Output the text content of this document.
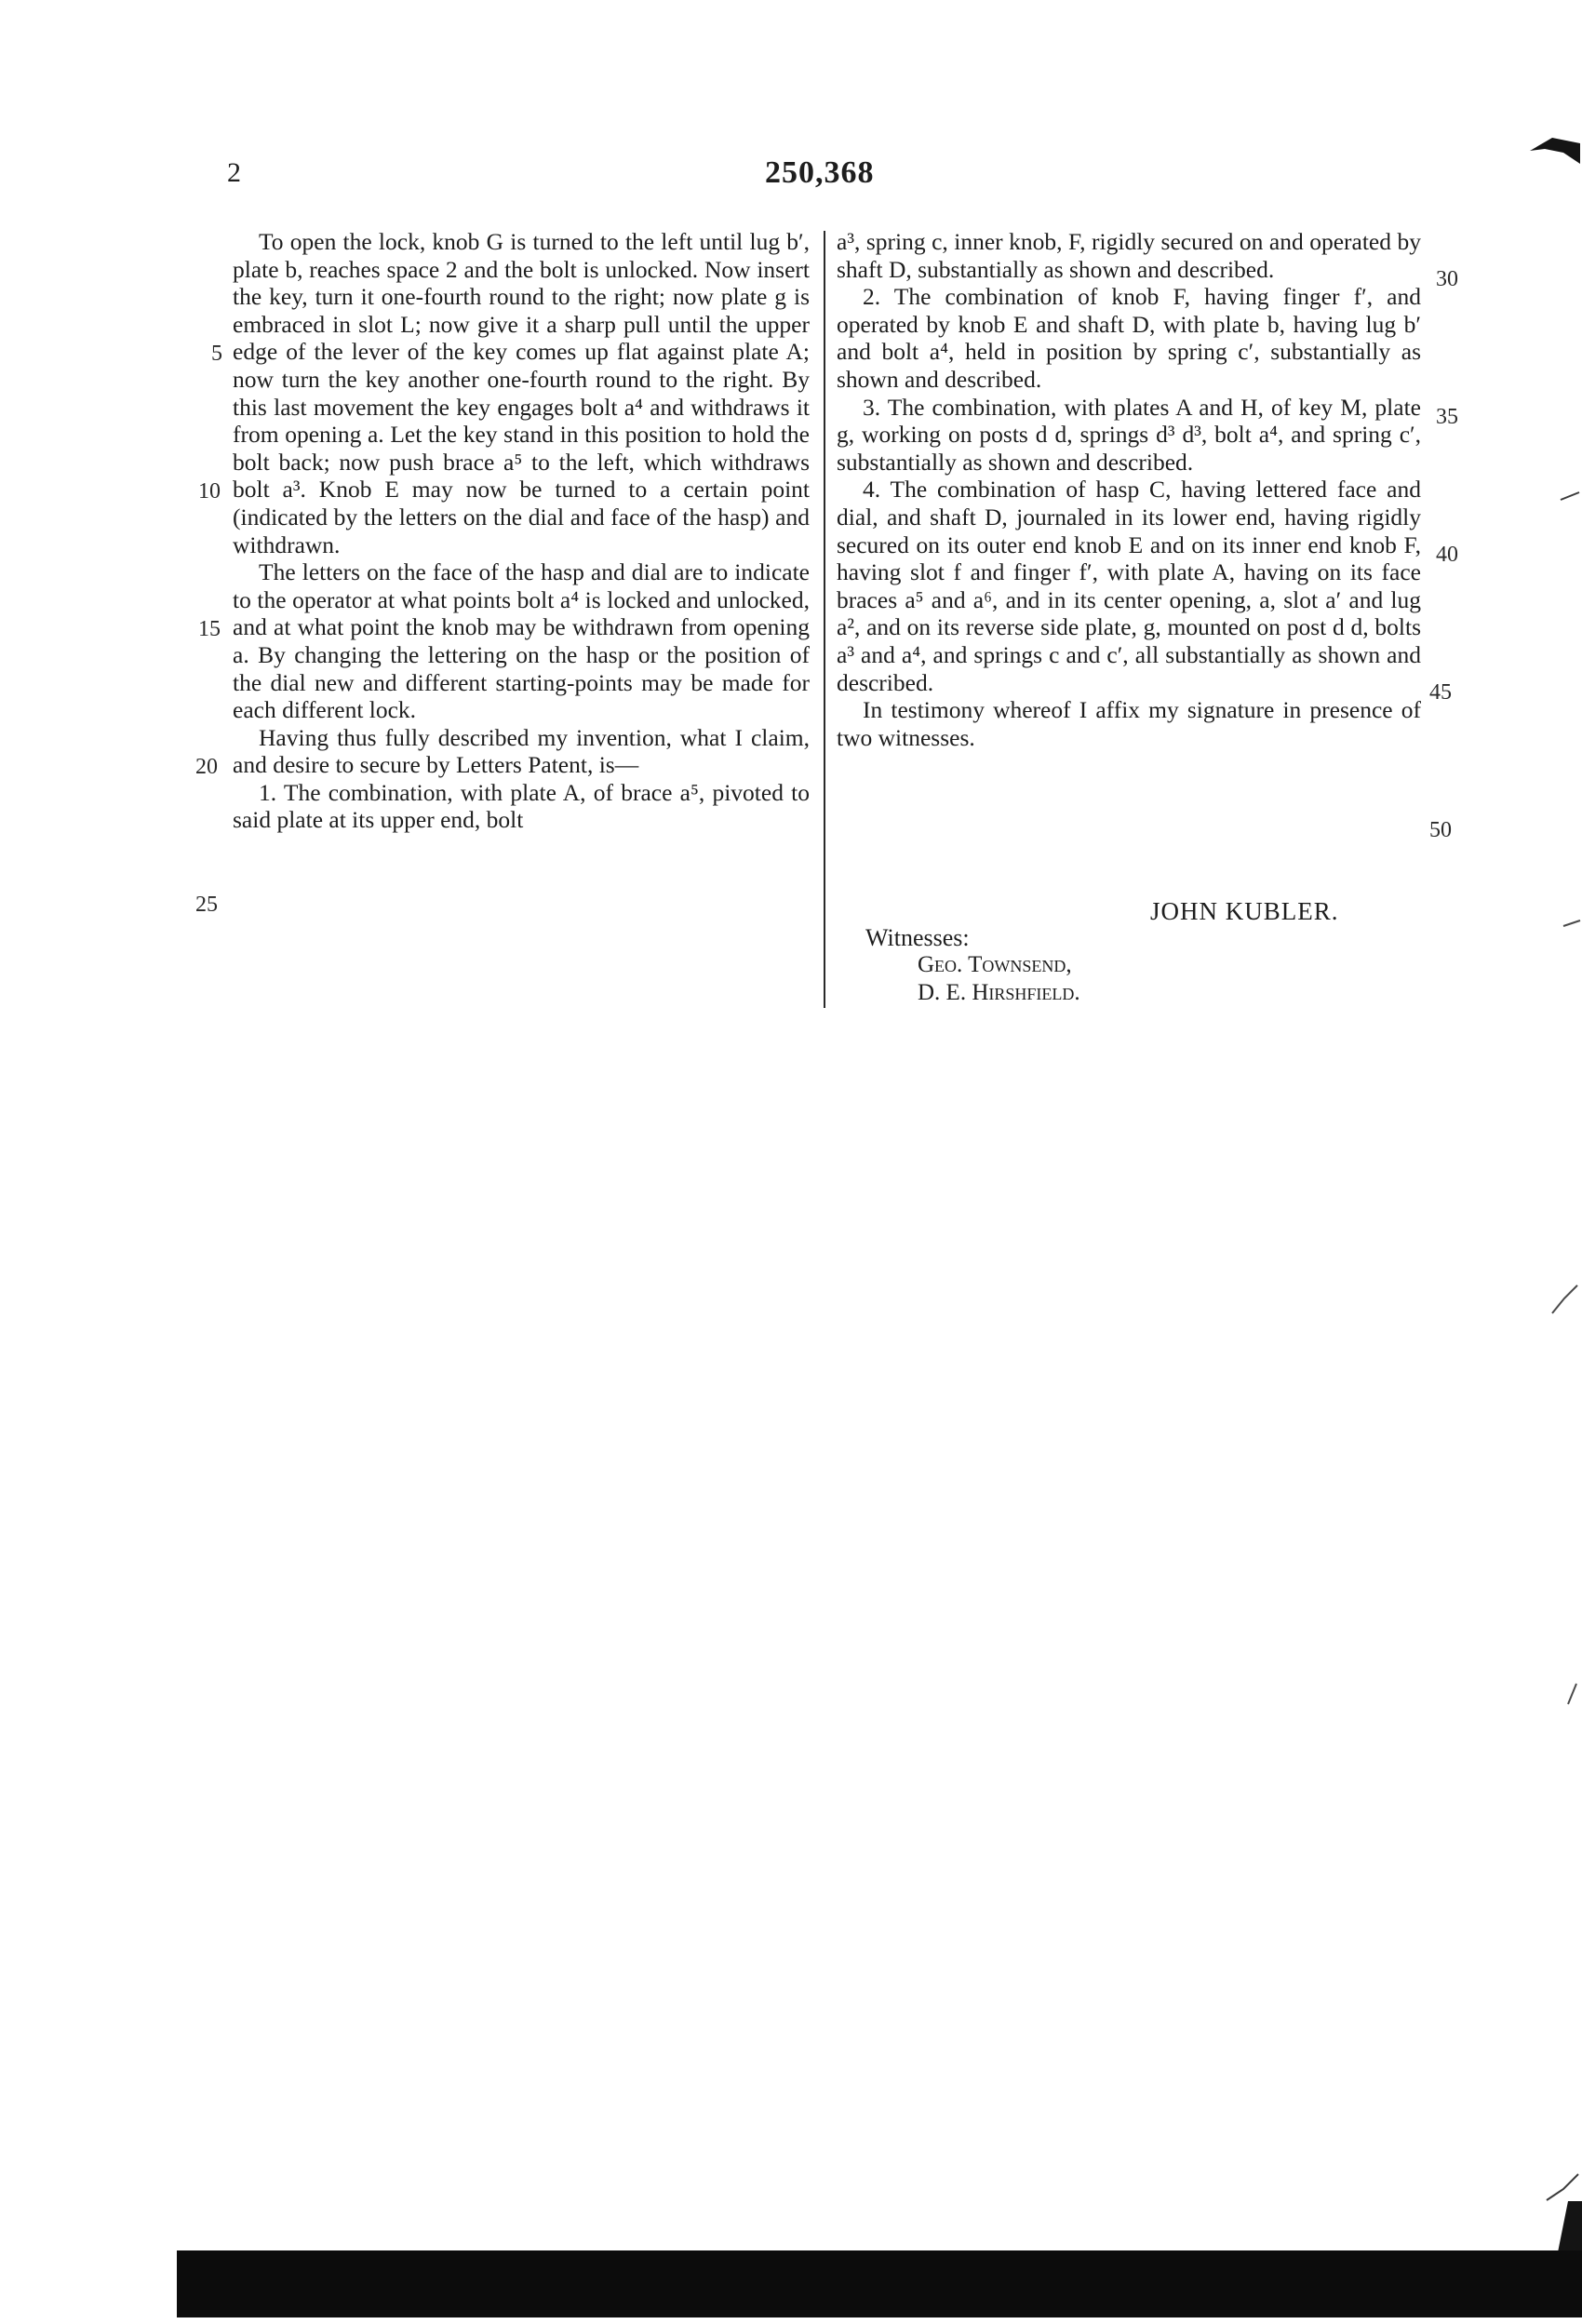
2	250,368

To open the lock, knob G is turned to the left until lug b′, plate b, reaches space 2 and the bolt is unlocked. Now insert the key, turn it one-fourth round to the right; now plate g is embraced in slot L; now give it a sharp pull until the upper edge of the lever of the key comes up flat against plate A; now turn the key another one-fourth round to the right. By this last movement the key engages bolt a⁴ and withdraws it from opening a. Let the key stand in this position to hold the bolt back; now push brace a⁵ to the left, which withdraws bolt a³. Knob E may now be turned to a certain point (indicated by the letters on the dial and face of the hasp) and withdrawn.

The letters on the face of the hasp and dial are to indicate to the operator at what points bolt a⁴ is locked and unlocked, and at what point the knob may be withdrawn from opening a. By changing the lettering on the hasp or the position of the dial new and different starting-points may be made for each different lock.

Having thus fully described my invention, what I claim, and desire to secure by Letters Patent, is—

1. The combination, with plate A, of brace a⁵, pivoted to said plate at its upper end, bolt

a³, spring c, inner knob, F, rigidly secured on and operated by shaft D, substantially as shown and described.

2. The combination of knob F, having finger f′, and operated by knob E and shaft D, with plate b, having lug b′ and bolt a⁴, held in position by spring c′, substantially as shown and described.

3. The combination, with plates A and H, of key M, plate g, working on posts d d, springs d³ d³, bolt a⁴, and spring c′, substantially as shown and described.

4. The combination of hasp C, having lettered face and dial, and shaft D, journaled in its lower end, having rigidly secured on its outer end knob E and on its inner end knob F, having slot f and finger f′, with plate A, having on its face braces a⁵ and a⁶, and in its center opening, a, slot a′ and lug a², and on its reverse side plate, g, mounted on post d d, bolts a³ and a⁴, and springs c and c′, all substantially as shown and described.

In testimony whereof I affix my signature in presence of two witnesses.

5
10
15
20
25
30
35
40
45
50
JOHN KUBLER.
Witnesses:
Geo. Townsend,
D. E. Hirshfield.
